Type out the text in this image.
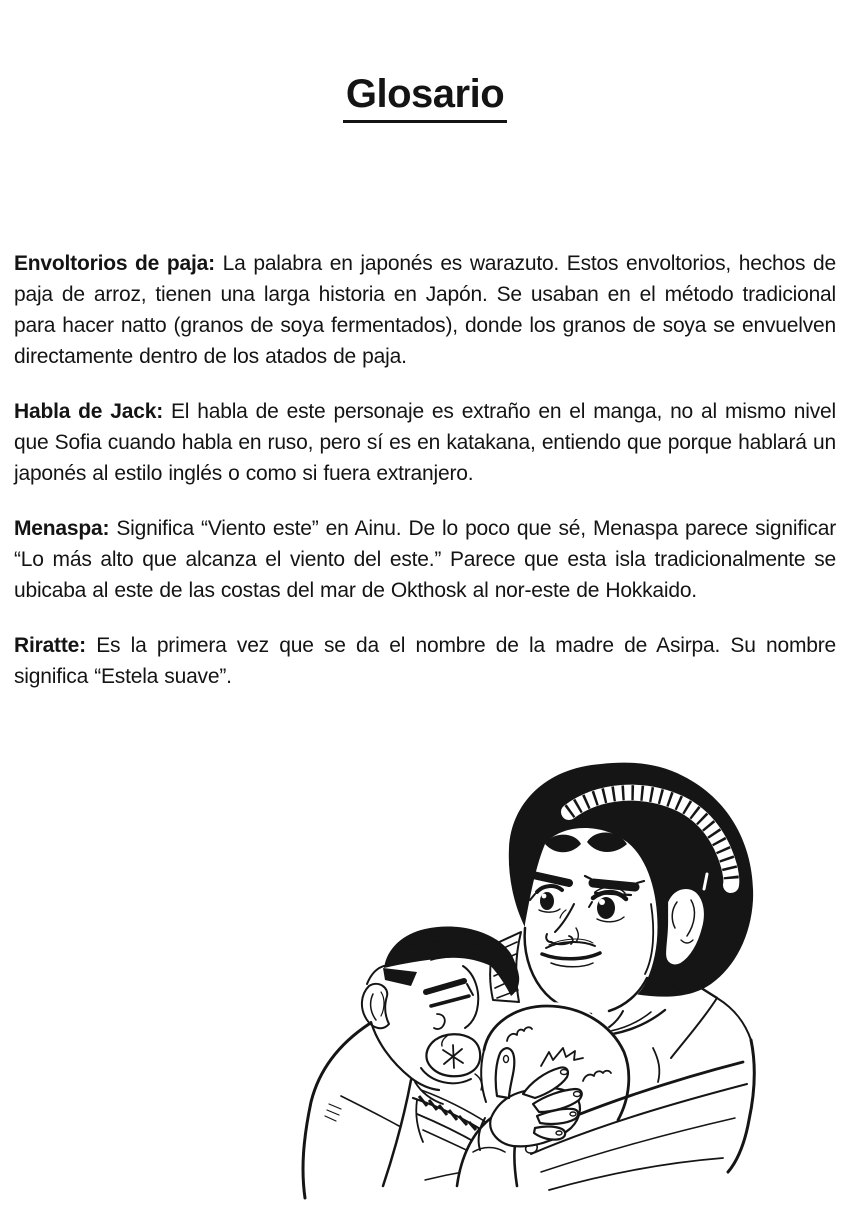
Glosario

Envoltorios de paja: La palabra en japonés es warazuto. Estos envoltorios, hechos de paja de arroz, tienen una larga historia en Japón. Se usaban en el método tradicional para hacer natto (granos de soya fermentados), donde los granos de soya se envuelven directamente dentro de los atados de paja.

Habla de Jack: El habla de este personaje es extraño en el manga, no al mismo nivel que Sofia cuando habla en ruso, pero sí es en katakana, entiendo que porque hablará un japonés al estilo inglés o como si fuera extranjero.

Menaspa: Significa “Viento este” en Ainu. De lo poco que sé, Menaspa parece significar “Lo más alto que alcanza el viento del este.” Parece que esta isla tradicionalmente se ubicaba al este de las costas del mar de Okthosk al nor-este de Hokkaido.

Riratte: Es la primera vez que se da el nombre de la madre de Asirpa. Su nombre significa “Estela suave”.
